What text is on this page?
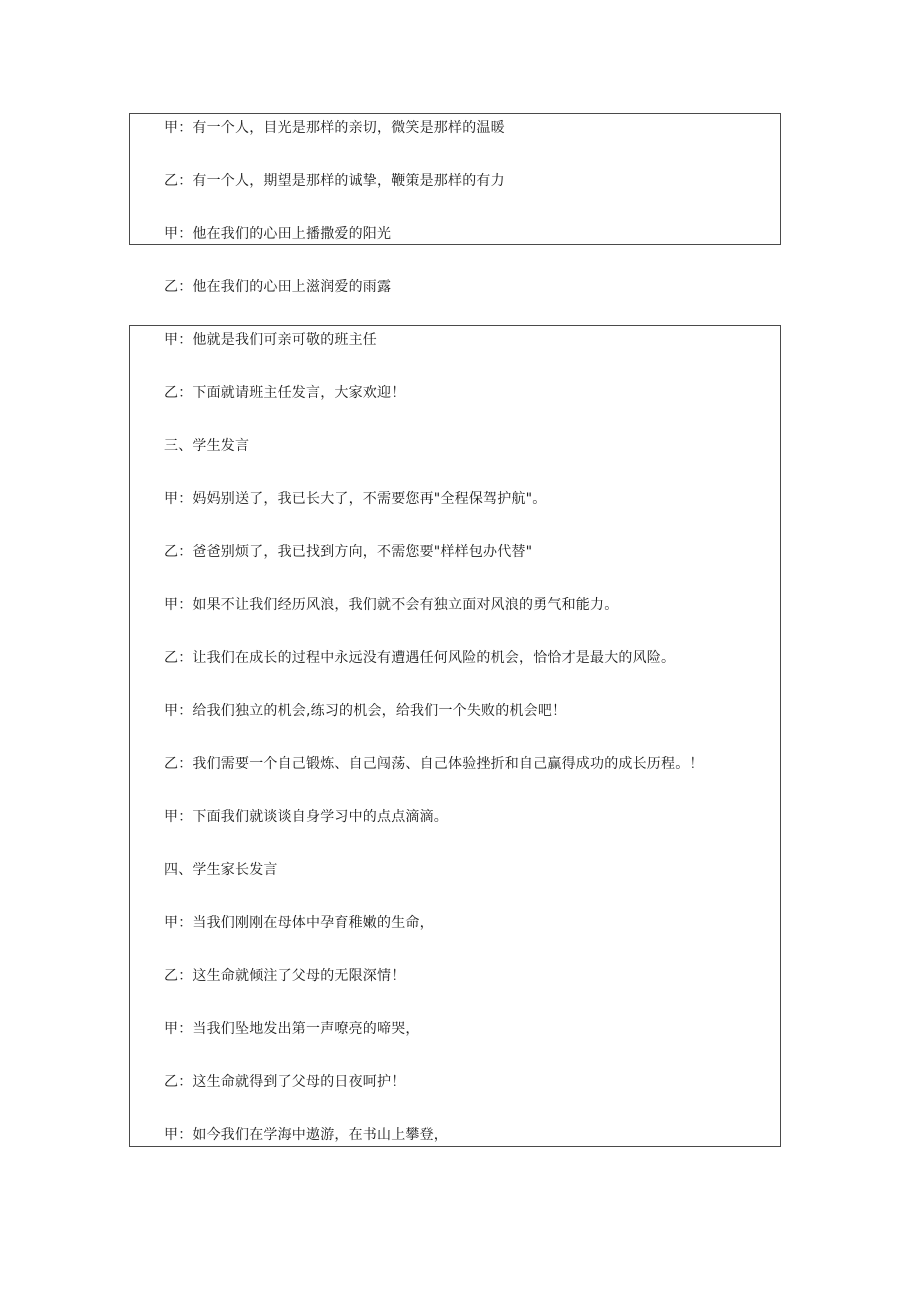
甲：有一个人，目光是那样的亲切，微笑是那样的温暖
乙：有一个人，期望是那样的诚挚，鞭策是那样的有力
甲：他在我们的心田上播撒爱的阳光
乙：他在我们的心田上滋润爱的雨露
甲：他就是我们可亲可敬的班主任
乙：下面就请班主任发言，大家欢迎！
三、学生发言
甲：妈妈别送了，我已长大了，不需要您再"全程保驾护航"。
乙：爸爸别烦了，我已找到方向，不需您要"样样包办代替"
甲：如果不让我们经历风浪，我们就不会有独立面对风浪的勇气和能力。
乙：让我们在成长的过程中永远没有遭遇任何风险的机会，恰恰才是最大的风险。
甲：给我们独立的机会,练习的机会，给我们一个失败的机会吧！
乙：我们需要一个自己锻炼、自己闯荡、自己体验挫折和自己赢得成功的成长历程。！
甲：下面我们就谈谈自身学习中的点点滴滴。
四、学生家长发言
甲：当我们刚刚在母体中孕育稚嫩的生命，
乙：这生命就倾注了父母的无限深情！
甲：当我们坠地发出第一声嘹亮的啼哭，
乙：这生命就得到了父母的日夜呵护！
甲：如今我们在学海中遨游，在书山上攀登，
